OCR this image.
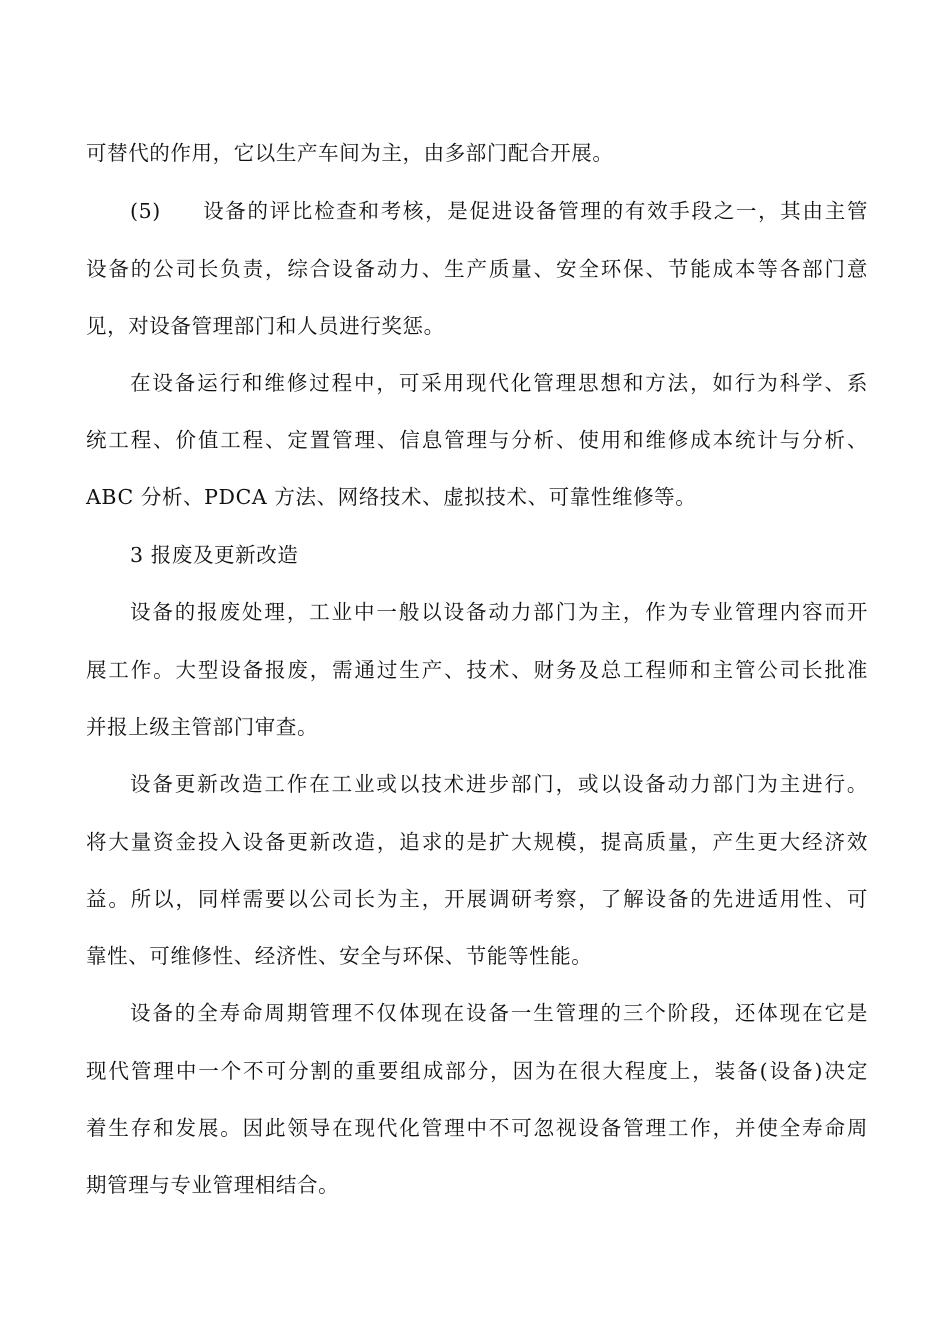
可替代的作用，它以生产车间为主，由多部门配合开展。
(5) 设备的评比检查和考核，是促进设备管理的有效手段之一，其由主管
设备的公司长负责，综合设备动力、生产质量、安全环保、节能成本等各部门意
见，对设备管理部门和人员进行奖惩。
在设备运行和维修过程中，可采用现代化管理思想和方法，如行为科学、系
统工程、价值工程、定置管理、信息管理与分析、使用和维修成本统计与分析、
ABC 分析、PDCA 方法、网络技术、虚拟技术、可靠性维修等。
3 报废及更新改造
设备的报废处理，工业中一般以设备动力部门为主，作为专业管理内容而开
展工作。大型设备报废，需通过生产、技术、财务及总工程师和主管公司长批准
并报上级主管部门审查。
设备更新改造工作在工业或以技术进步部门，或以设备动力部门为主进行。
将大量资金投入设备更新改造，追求的是扩大规模，提高质量，产生更大经济效
益。所以，同样需要以公司长为主，开展调研考察，了解设备的先进适用性、可
靠性、可维修性、经济性、安全与环保、节能等性能。
设备的全寿命周期管理不仅体现在设备一生管理的三个阶段，还体现在它是
现代管理中一个不可分割的重要组成部分，因为在很大程度上，装备(设备)决定
着生存和发展。因此领导在现代化管理中不可忽视设备管理工作，并使全寿命周
期管理与专业管理相结合。
